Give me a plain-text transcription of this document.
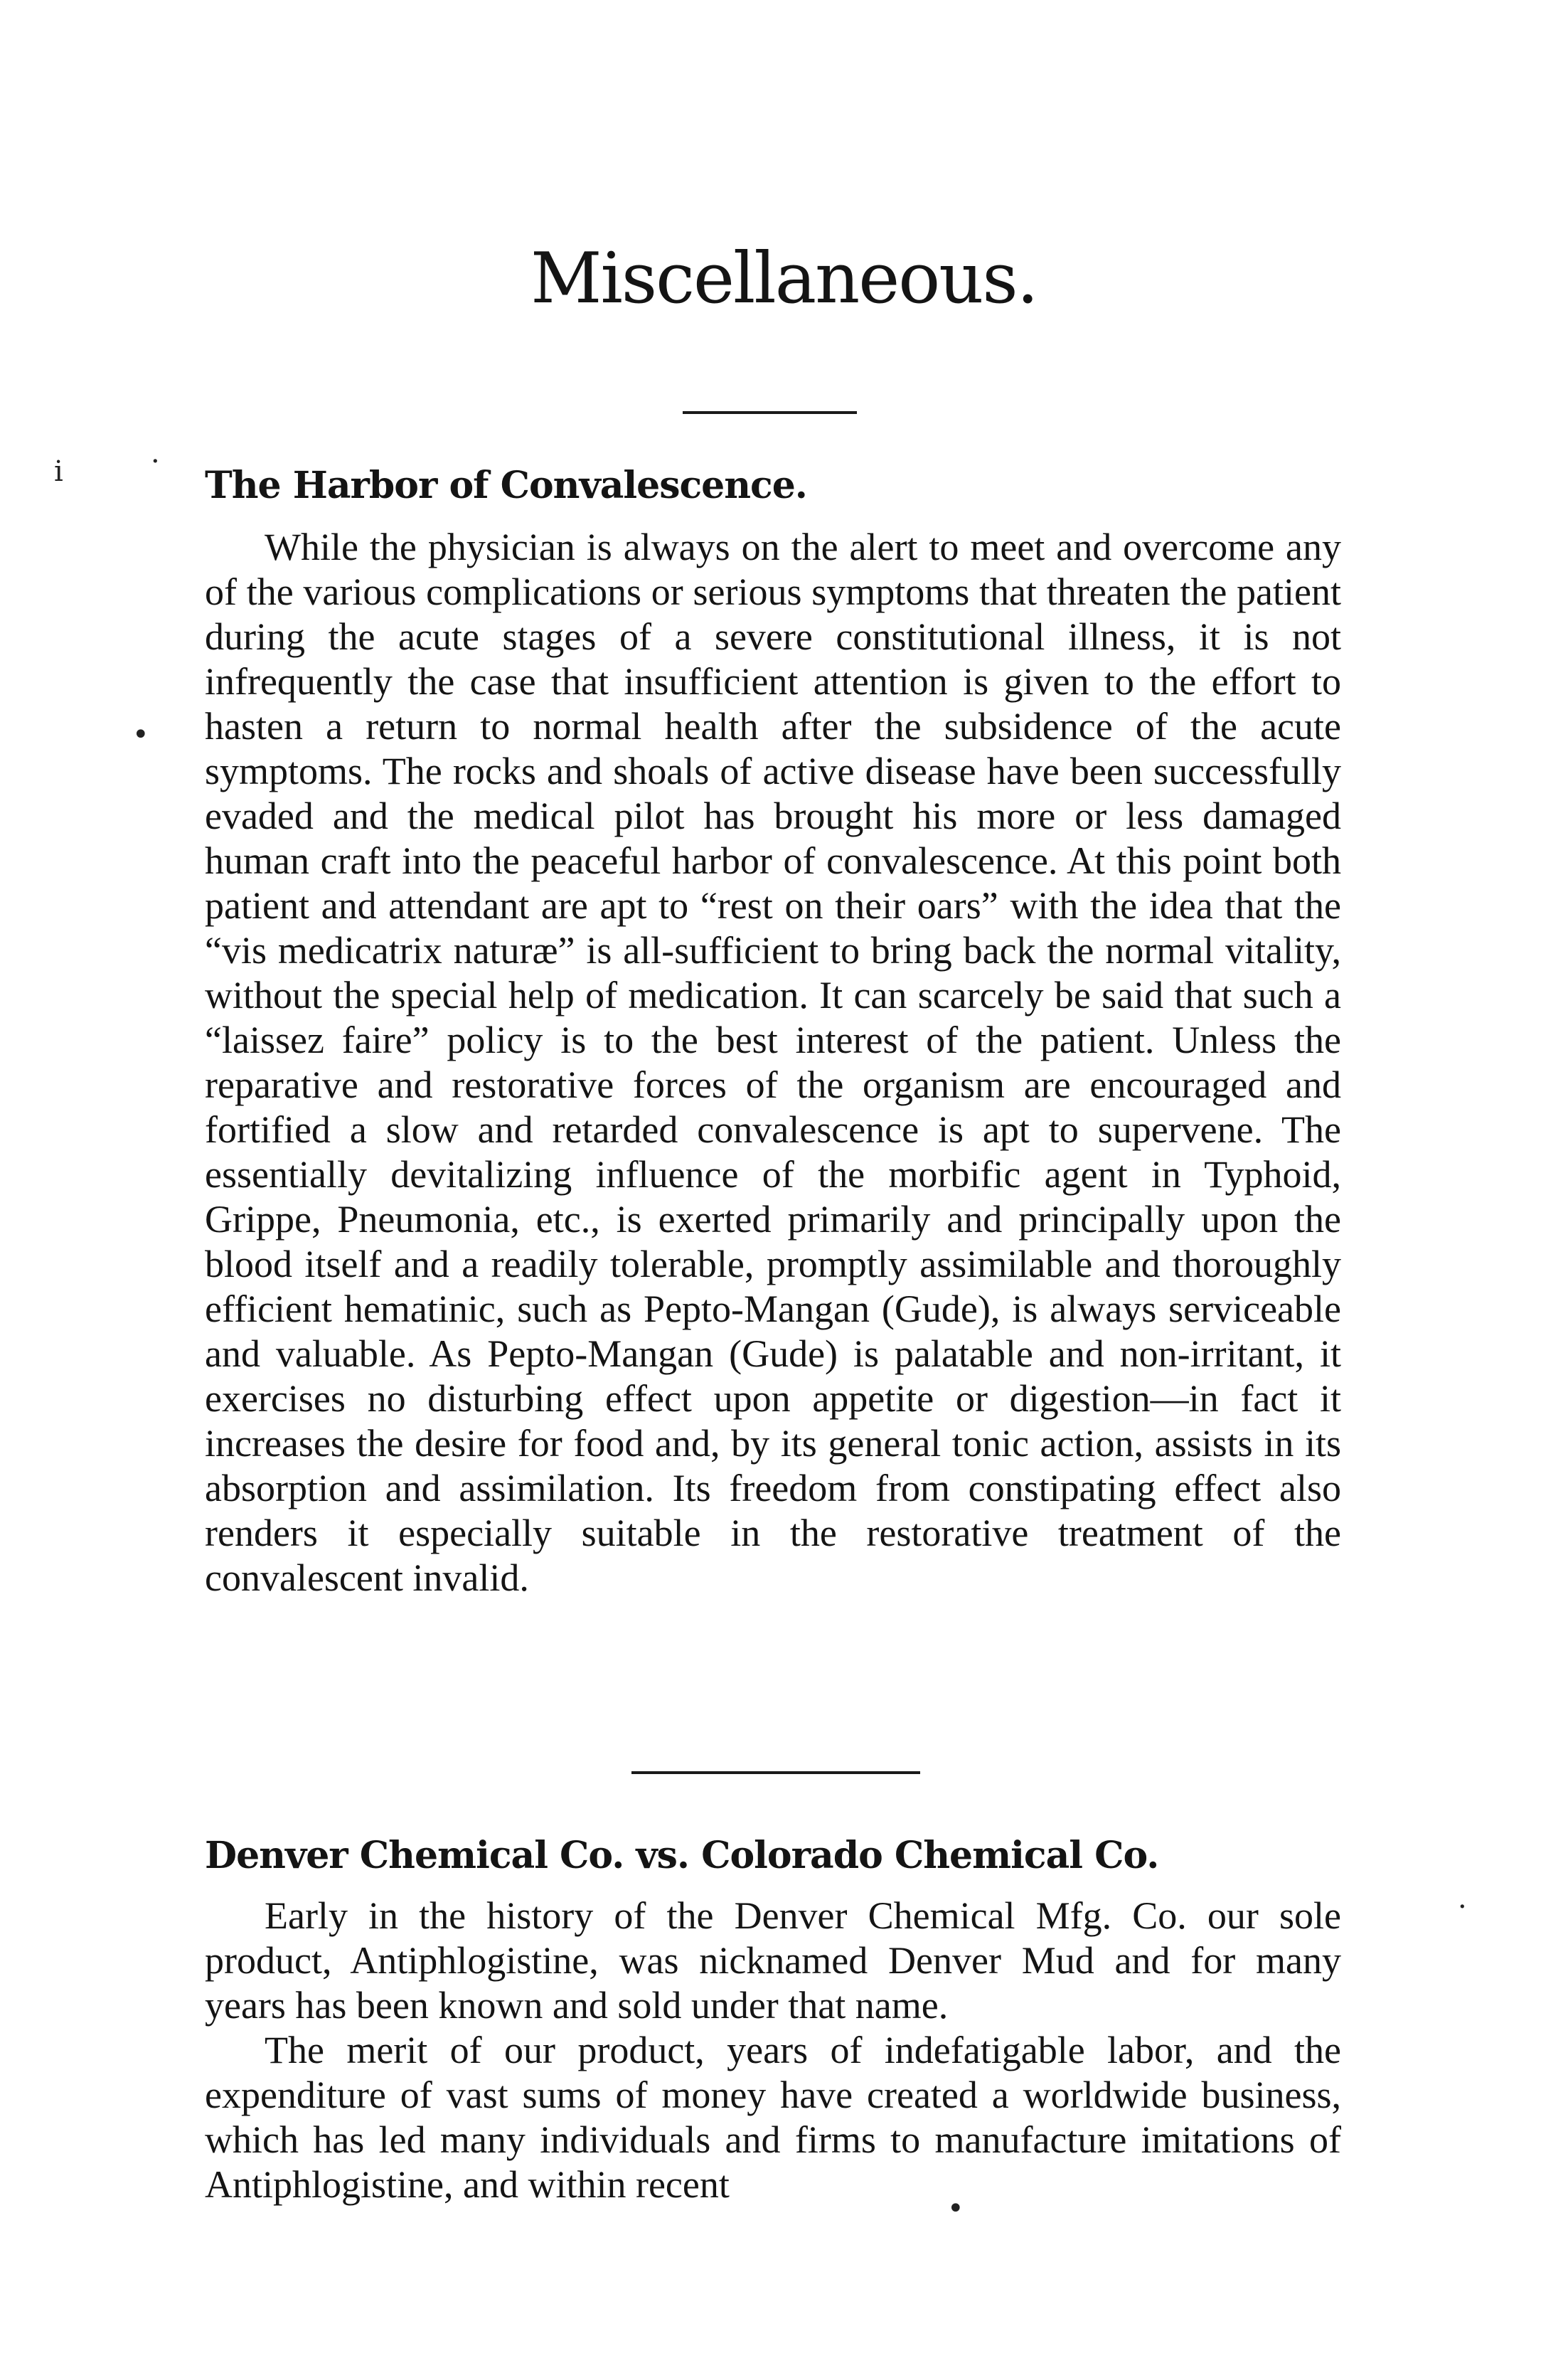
Miscellaneous.
i	·
•
The Harbor of Convalescence.

While the physician is always on the alert to meet and overcome any of the various complications or serious symptoms that threaten the patient during the acute stages of a severe constitutional illness, it is not infrequently the case that insufficient attention is given to the effort to hasten a return to normal health after the subsidence of the acute symptoms. The rocks and shoals of active disease have been successfully evaded and the medical pilot has brought his more or less damaged human craft into the peaceful harbor of convalescence. At this point both patient and attendant are apt to “rest on their oars” with the idea that the “vis medicatrix naturæ” is all-sufficient to bring back the normal vitality, without the special help of medication. It can scarcely be said that such a “laissez faire” policy is to the best interest of the patient. Unless the reparative and restorative forces of the organism are encouraged and fortified a slow and retarded convalescence is apt to supervene. The essentially devitalizing influence of the morbific agent in Typhoid, Grippe, Pneumonia, etc., is exerted primarily and principally upon the blood itself and a readily tolerable, promptly assimilable and thoroughly efficient hematinic, such as Pepto-Mangan (Gude), is always serviceable and valuable. As Pepto-Mangan (Gude) is palatable and non-irritant, it exercises no disturbing effect upon appetite or digestion—in fact it increases the desire for food and, by its general tonic action, assists in its absorption and assimilation. Its freedom from constipating effect also renders it especially suitable in the restorative treatment of the convalescent invalid.

Denver Chemical Co. vs. Colorado Chemical Co.
·

Early in the history of the Denver Chemical Mfg. Co. our sole product, Antiphlogistine, was nicknamed Denver Mud and for many years has been known and sold under that name.

The merit of our product, years of indefatigable labor, and the expenditure of vast sums of money have created a worldwide business, which has led many individuals and firms to manufacture imitations of Antiphlogistine, and within recent

•
